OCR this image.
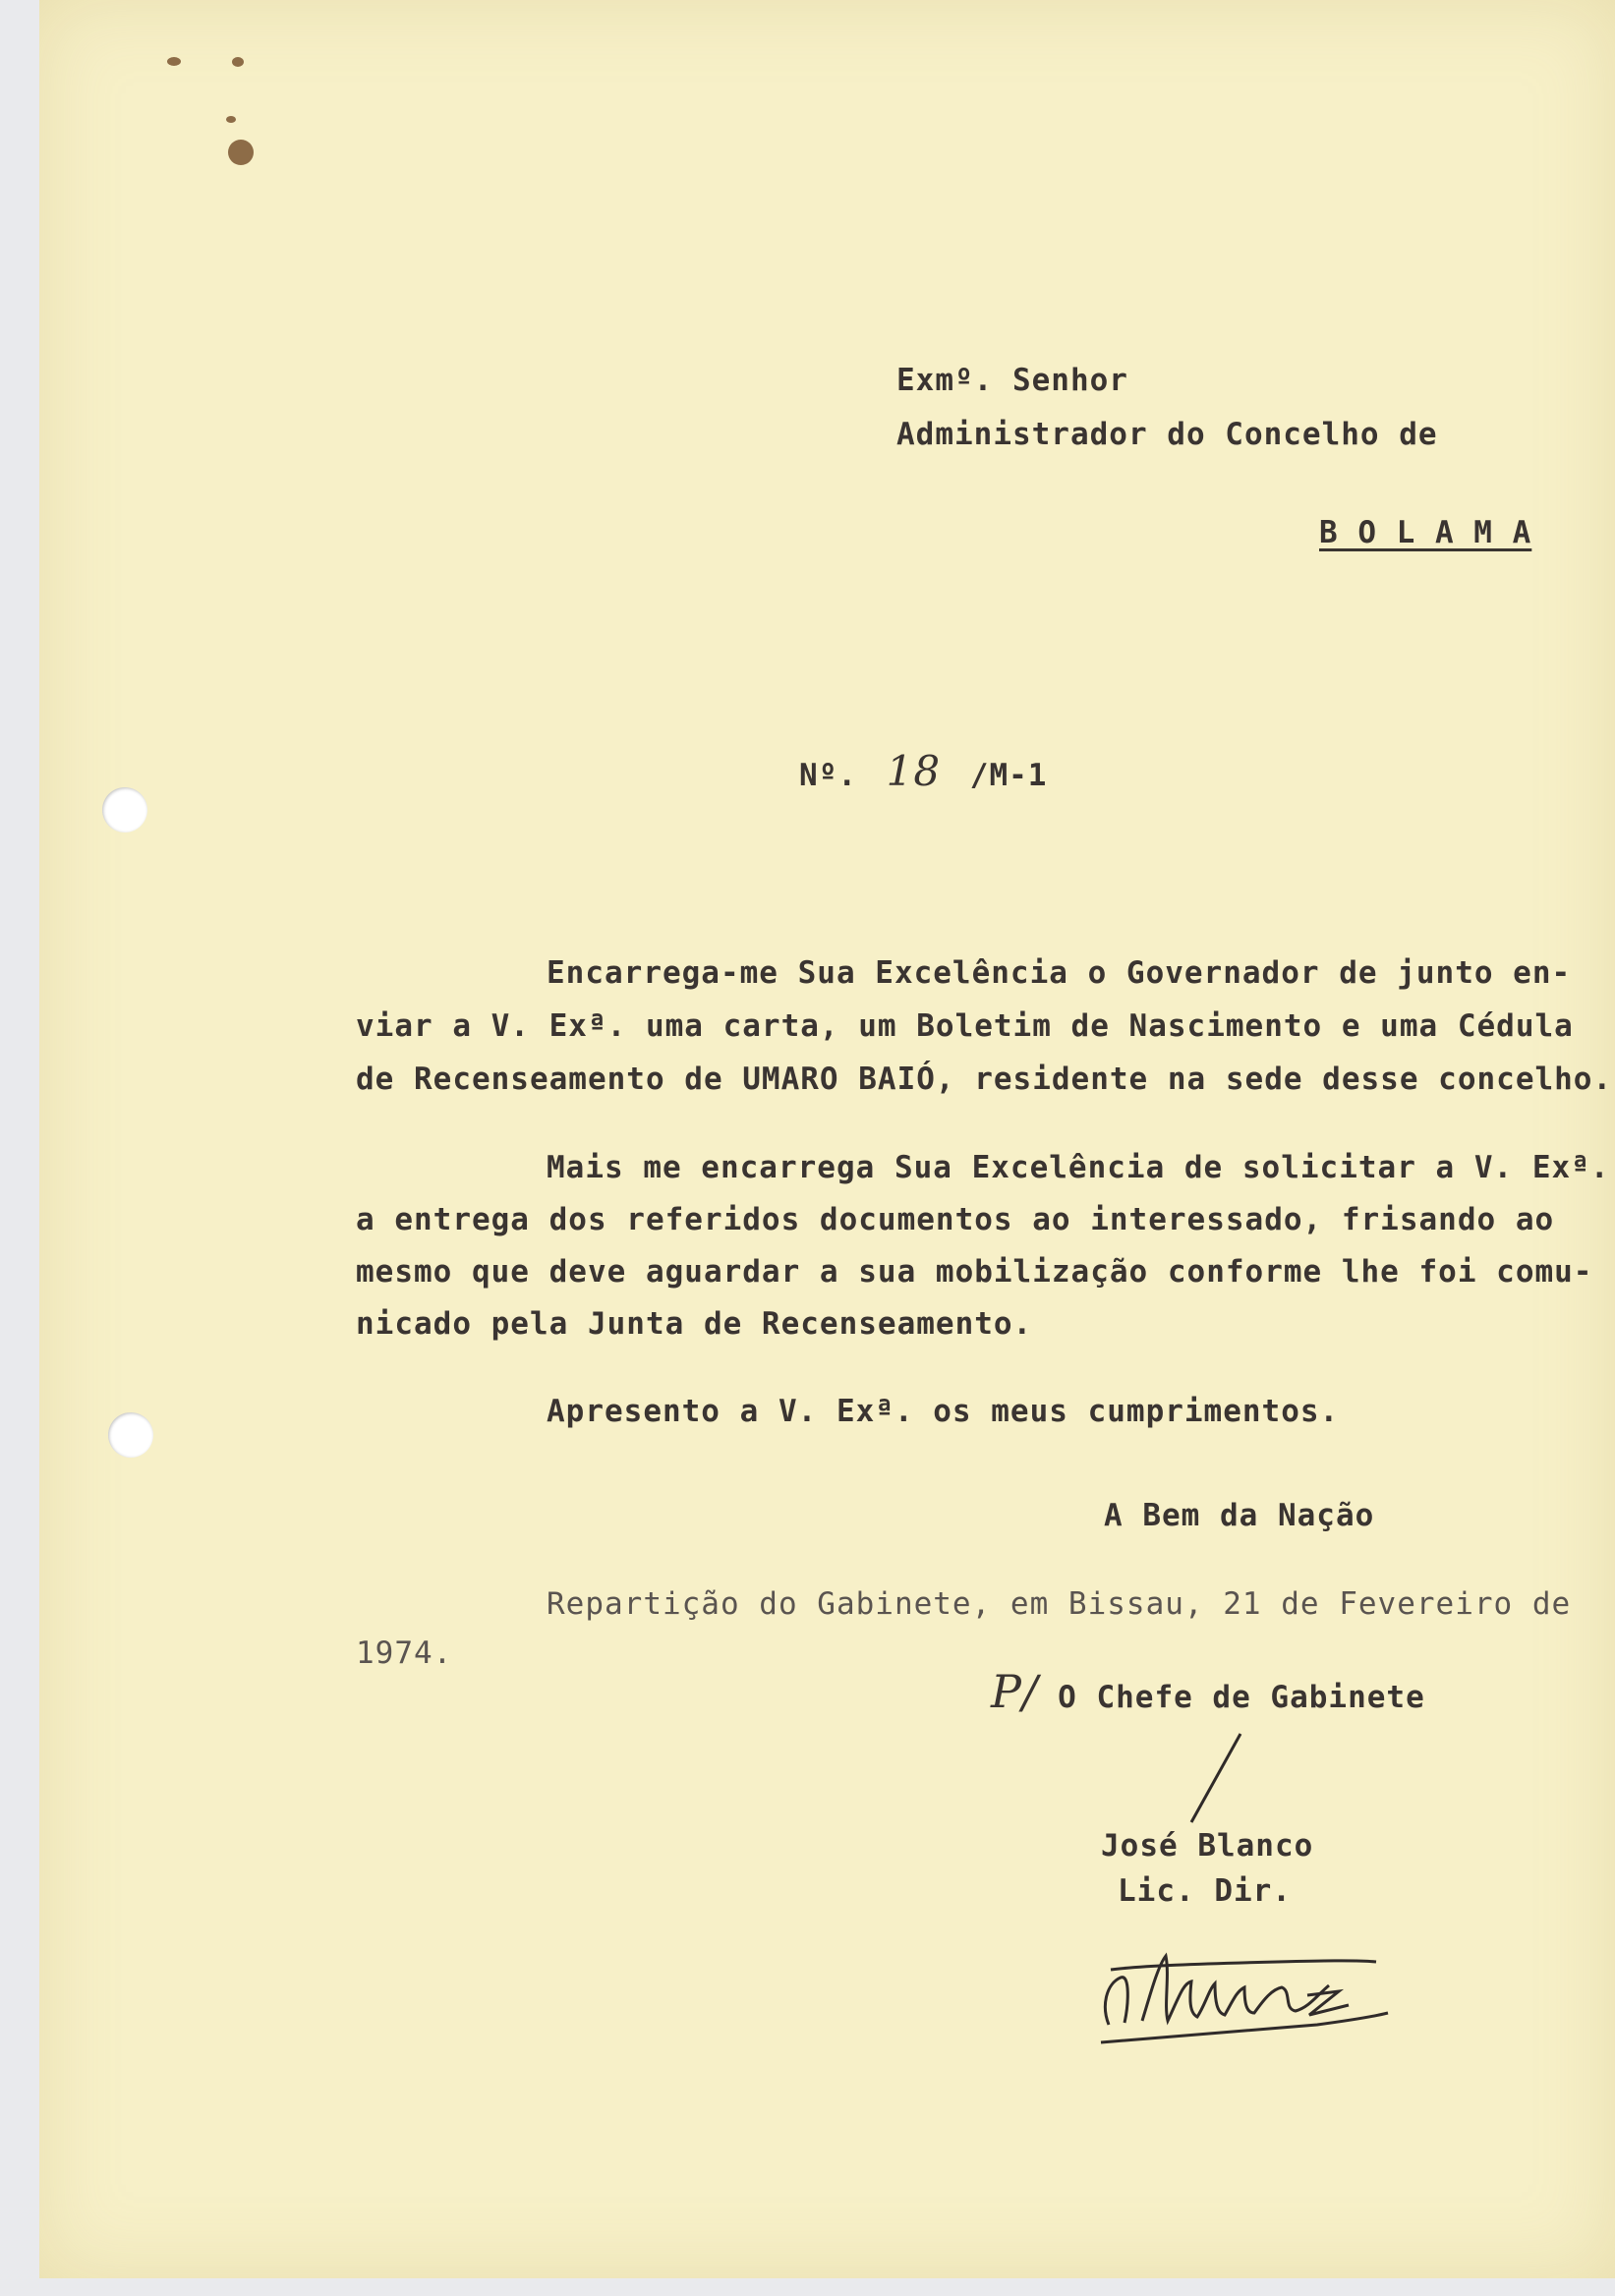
Exmº. Senhor
Administrador do Concelho de
B O L A M A
Nº. 18 /M-1
Encarrega-me Sua Excelência o Governador de junto en-
viar a V. Exª. uma carta, um Boletim de Nascimento e uma Cédula
de Recenseamento de UMARO BAIÓ, residente na sede desse concelho.
Mais me encarrega Sua Excelência de solicitar a V. Exª.
a entrega dos referidos documentos ao interessado, frisando ao
mesmo que deve aguardar a sua mobilização conforme lhe foi comu-
nicado pela Junta de Recenseamento.
Apresento a V. Exª. os meus cumprimentos.
A Bem da Nação
Repartição do Gabinete, em Bissau, 21 de Fevereiro de
1974.
P/ O Chefe de Gabinete
José Blanco
Lic. Dir.
